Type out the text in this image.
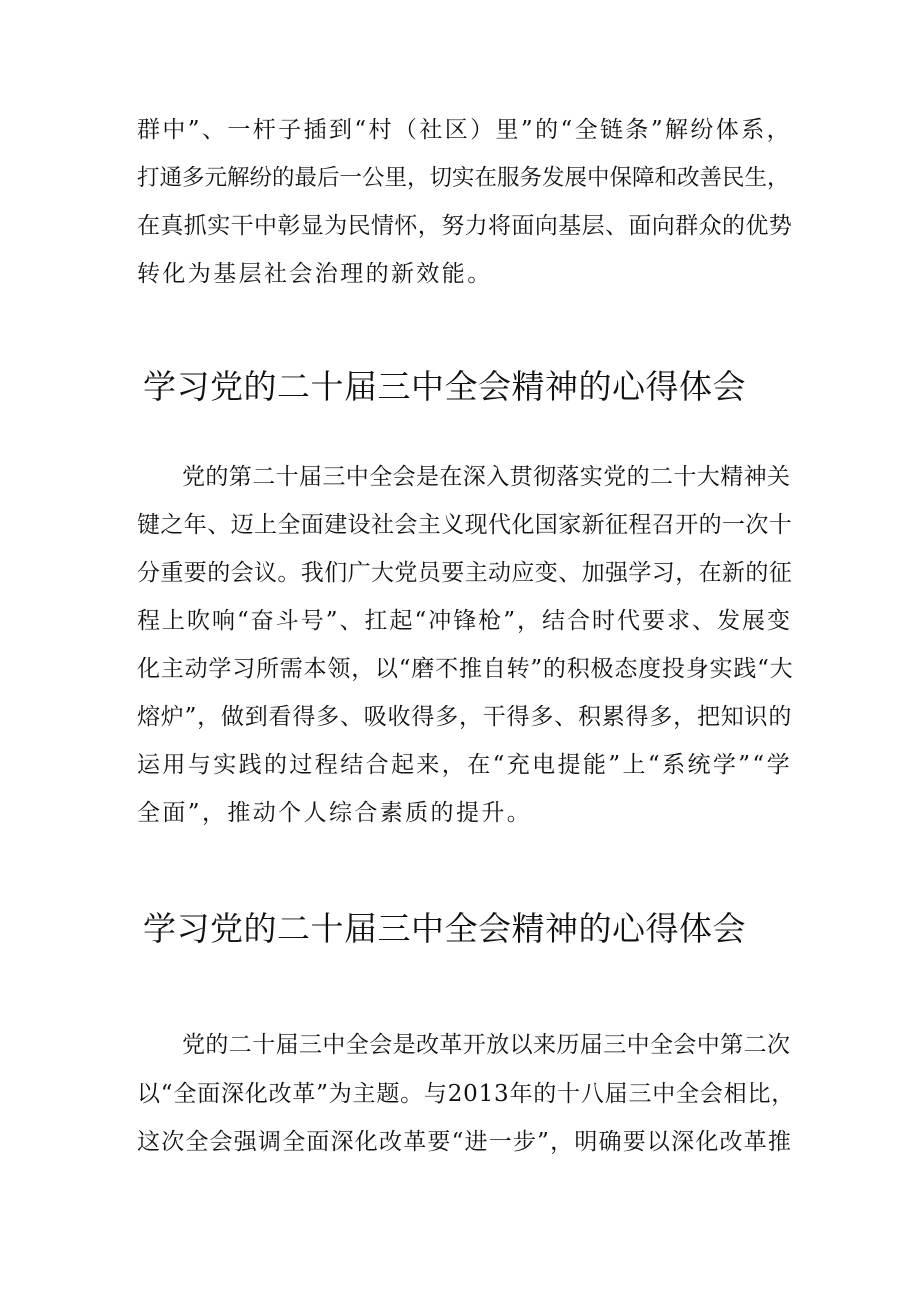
群中”、一杆子插到“村（社区）里”的“全链条”解纷体系，
打通多元解纷的最后一公里，切实在服务发展中保障和改善民生，
在真抓实干中彰显为民情怀，努力将面向基层、面向群众的优势
转化为基层社会治理的新效能。
学习党的二十届三中全会精神的心得体会
党的第二十届三中全会是在深入贯彻落实党的二十大精神关
键之年、迈上全面建设社会主义现代化国家新征程召开的一次十
分重要的会议。我们广大党员要主动应变、加强学习，在新的征
程上吹响“奋斗号”、扛起“冲锋枪”，结合时代要求、发展变
化主动学习所需本领，以“磨不推自转”的积极态度投身实践“大
熔炉”，做到看得多、吸收得多，干得多、积累得多，把知识的
运用与实践的过程结合起来，在“充电提能”上“系统学”“学
全面”，推动个人综合素质的提升。
学习党的二十届三中全会精神的心得体会
党的二十届三中全会是改革开放以来历届三中全会中第二次
以“全面深化改革”为主题。与2013年的十八届三中全会相比，
这次全会强调全面深化改革要“进一步”，明确要以深化改革推
